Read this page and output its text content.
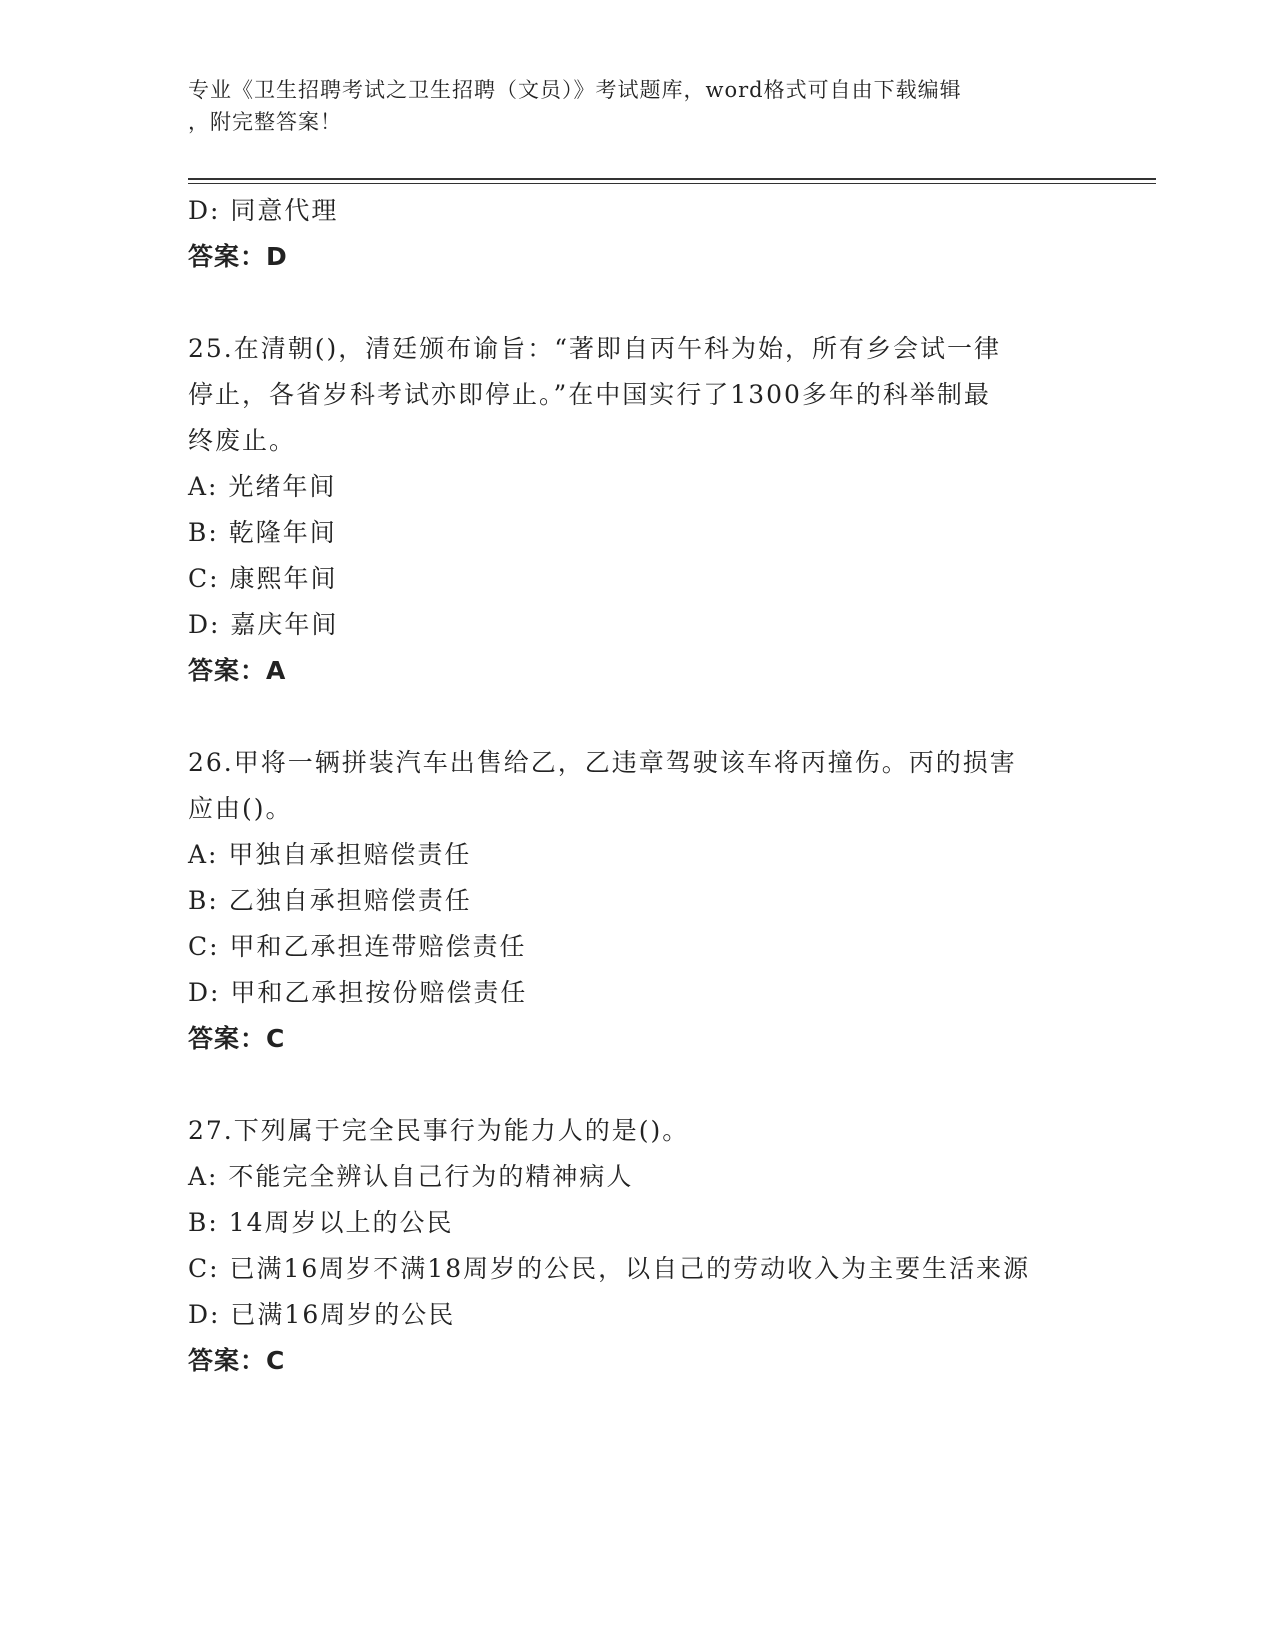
专业《卫生招聘考试之卫生招聘（文员）》考试题库，word格式可自由下载编辑
，附完整答案！
D: 同意代理
答案：D
25.在清朝()，清廷颁布谕旨：“著即自丙午科为始，所有乡会试一律
停止，各省岁科考试亦即停止。”在中国实行了1300多年的科举制最
终废止。
A: 光绪年间
B: 乾隆年间
C: 康熙年间
D: 嘉庆年间
答案：A
26.甲将一辆拼装汽车出售给乙，乙违章驾驶该车将丙撞伤。丙的损害
应由()。
A: 甲独自承担赔偿责任
B: 乙独自承担赔偿责任
C: 甲和乙承担连带赔偿责任
D: 甲和乙承担按份赔偿责任
答案：C
27.下列属于完全民事行为能力人的是()。
A: 不能完全辨认自己行为的精神病人
B: 14周岁以上的公民
C: 已满16周岁不满18周岁的公民，以自己的劳动收入为主要生活来源
D: 已满16周岁的公民
答案：C
